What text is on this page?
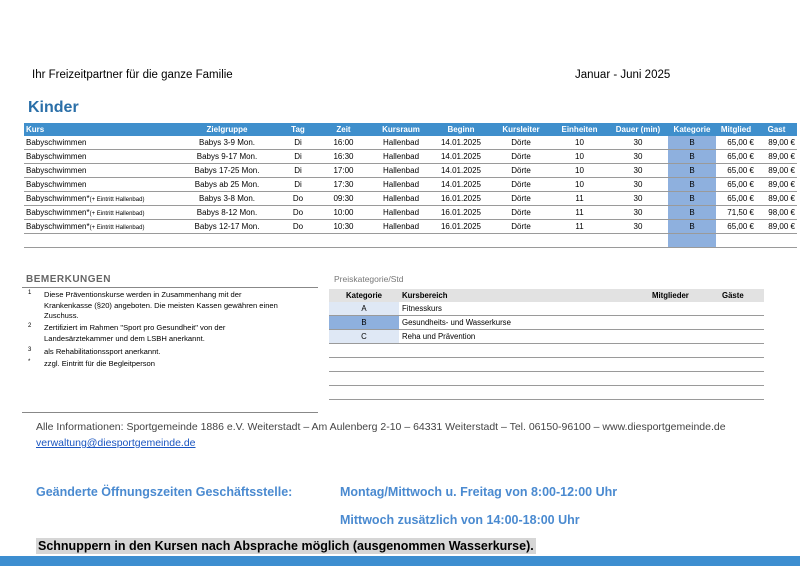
Ihr Freizeitpartner für die ganze Familie	Januar - Juni 2025
Kinder
Kurs	Zielgruppe	Tag	Zeit	Kursraum	Beginn	Kursleiter	Einheiten	Dauer (min)	Kategorie	Mitglied	Gast
Babyschwimmen	Babys 3-9 Mon.	Di	16:00	Hallenbad	14.01.2025	Dörte	10	30	B	65,00 €	89,00 €
Babyschwimmen	Babys 9-17 Mon.	Di	16:30	Hallenbad	14.01.2025	Dörte	10	30	B	65,00 €	89,00 €
Babyschwimmen	Babys 17-25 Mon.	Di	17:00	Hallenbad	14.01.2025	Dörte	10	30	B	65,00 €	89,00 €
Babyschwimmen	Babys ab 25 Mon.	Di	17:30	Hallenbad	14.01.2025	Dörte	10	30	B	65,00 €	89,00 €
Babyschwimmen*(+ Eintritt Hallenbad)	Babys 3-8 Mon.	Do	09:30	Hallenbad	16.01.2025	Dörte	11	30	B	65,00 €	89,00 €
Babyschwimmen*(+ Eintritt Hallenbad)	Babys 8-12 Mon.	Do	10:00	Hallenbad	16.01.2025	Dörte	11	30	B	71,50 €	98,00 €
Babyschwimmen*(+ Eintritt Hallenbad)	Babys 12-17 Mon.	Do	10:30	Hallenbad	16.01.2025	Dörte	11	30	B	65,00 €	89,00 €

BEMERKUNGEN
1 Diese Präventionskurse werden in Zusammenhang mit der
Krankenkasse (§20) angeboten. Die meisten Kassen gewähren einen
Zuschuss.
2 Zertifiziert im Rahmen "Sport pro Gesundheit" von der
Landesärztekammer und dem LSBH anerkannt.
3 als Rehabilitationssport anerkannt.
* zzgl. Eintritt für die Begleitperson
Preiskategorie/Std
Kategorie	Kursbereich	Mitglieder	Gäste
A	Fitnesskurs		
B	Gesundheits- und Wasserkurse		
C	Reha und Prävention		

Alle Informationen: Sportgemeinde 1886 e.V. Weiterstadt – Am Aulenberg 2-10 – 64331 Weiterstadt – Tel. 06150-96100 – www.diesportgemeinde.de
verwaltung@diesportgemeinde.de
Geänderte Öffnungszeiten Geschäftsstelle:	Montag/Mittwoch u. Freitag von 8:00-12:00 Uhr
Mittwoch zusätzlich von 14:00-18:00 Uhr
Schnuppern in den Kursen nach Absprache möglich (ausgenommen Wasserkurse).
